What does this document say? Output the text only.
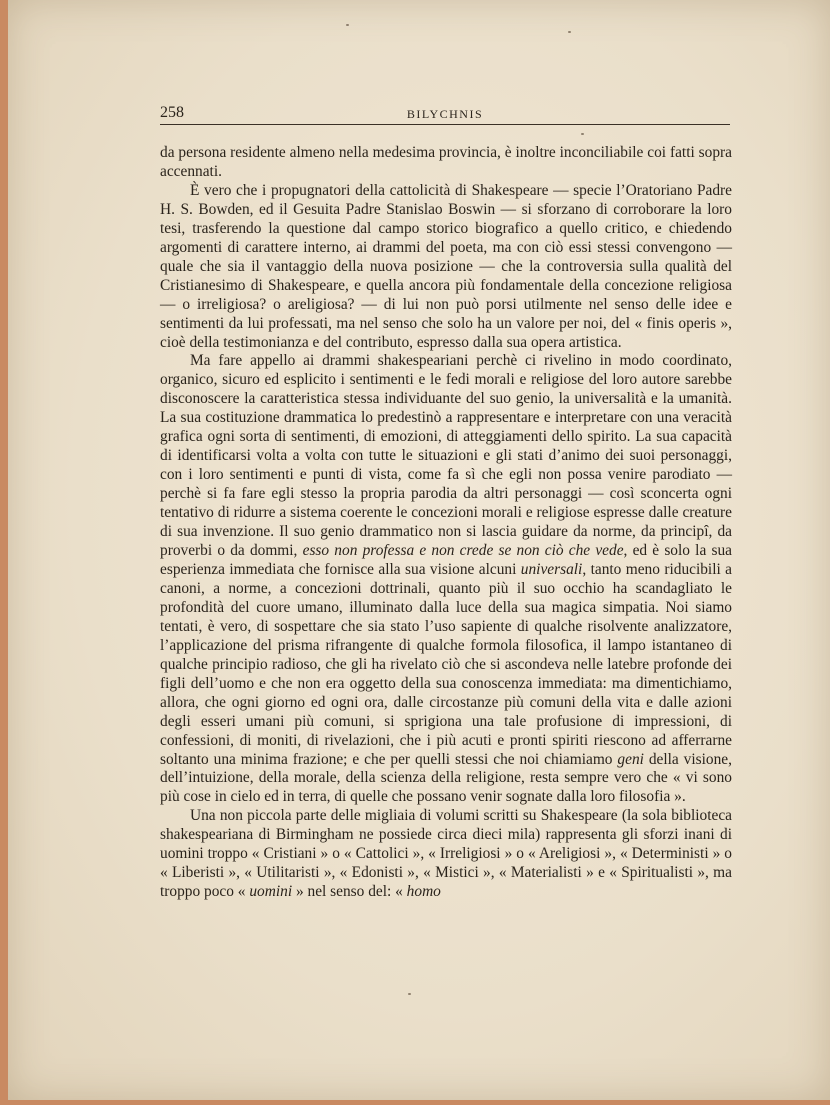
258	BILYCHNIS

da persona residente almeno nella medesima provincia, è inoltre inconciliabile coi fatti sopra accennati.

È vero che i propugnatori della cattolicità di Shakespeare — specie l’Oratoriano Padre H. S. Bowden, ed il Gesuita Padre Stanislao Boswin — si sforzano di corroborare la loro tesi, trasferendo la questione dal campo storico biografico a quello critico, e chiedendo argomenti di carattere interno, ai drammi del poeta, ma con ciò essi stessi convengono — quale che sia il vantaggio della nuova posizione — che la controversia sulla qualità del Cristianesimo di Shakespeare, e quella ancora più fondamentale della concezione religiosa — o irreligiosa? o areligiosa? — di lui non può porsi utilmente nel senso delle idee e sentimenti da lui professati, ma nel senso che solo ha un valore per noi, del « finis operis », cioè della testimonianza e del contributo, espresso dalla sua opera artistica.

Ma fare appello ai drammi shakespeariani perchè ci rivelino in modo coordinato, organico, sicuro ed esplicito i sentimenti e le fedi morali e religiose del loro autore sarebbe disconoscere la caratteristica stessa individuante del suo genio, la universalità e la umanità. La sua costituzione drammatica lo predestinò a rappresentare e interpretare con una veracità grafica ogni sorta di sentimenti, di emozioni, di atteggiamenti dello spirito. La sua capacità di identificarsi volta a volta con tutte le situazioni e gli stati d’animo dei suoi personaggi, con i loro sentimenti e punti di vista, come fa sì che egli non possa venire parodiato — perchè si fa fare egli stesso la propria parodia da altri personaggi — così sconcerta ogni tentativo di ridurre a sistema coerente le concezioni morali e religiose espresse dalle creature di sua invenzione. Il suo genio drammatico non si lascia guidare da norme, da principî, da proverbi o da dommi, esso non professa e non crede se non ciò che vede, ed è solo la sua esperienza immediata che fornisce alla sua visione alcuni universali, tanto meno riducibili a canoni, a norme, a concezioni dottrinali, quanto più il suo occhio ha scandagliato le profondità del cuore umano, illuminato dalla luce della sua magica simpatia. Noi siamo tentati, è vero, di sospettare che sia stato l’uso sapiente di qualche risolvente analizzatore, l’applicazione del prisma rifrangente di qualche formola filosofica, il lampo istantaneo di qualche principio radioso, che gli ha rivelato ciò che si ascondeva nelle latebre profonde dei figli dell’uomo e che non era oggetto della sua conoscenza immediata: ma dimentichiamo, allora, che ogni giorno ed ogni ora, dalle circostanze più comuni della vita e dalle azioni degli esseri umani più comuni, si sprigiona una tale profusione di impressioni, di confessioni, di moniti, di rivelazioni, che i più acuti e pronti spiriti riescono ad afferrarne soltanto una minima frazione; e che per quelli stessi che noi chiamiamo geni della visione, dell’intuizione, della morale, della scienza della religione, resta sempre vero che « vi sono più cose in cielo ed in terra, di quelle che possano venir sognate dalla loro filosofia ».

Una non piccola parte delle migliaia di volumi scritti su Shakespeare (la sola biblioteca shakespeariana di Birmingham ne possiede circa dieci mila) rappresenta gli sforzi inani di uomini troppo « Cristiani » o « Cattolici », « Irreligiosi » o « Areligiosi », « Deterministi » o « Liberisti », « Utilitaristi », « Edonisti », « Mistici », « Materialisti » e « Spiritualisti », ma troppo poco « uomini » nel senso del: « homo
